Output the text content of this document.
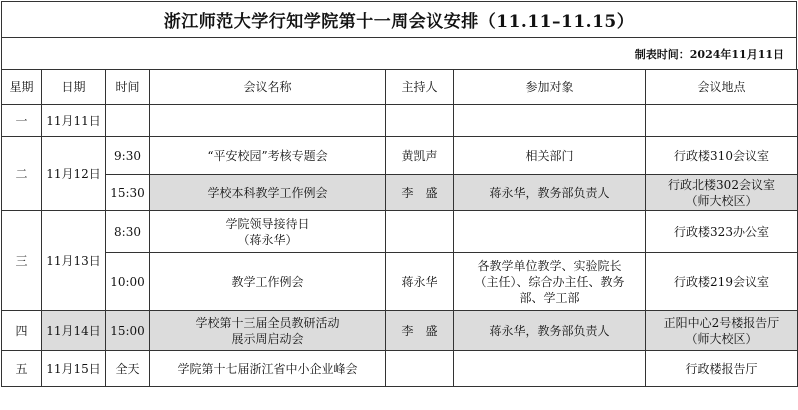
浙江师范大学行知学院第十一周会议安排（11.11–11.15）
制表时间：2024年11月11日
星期	日期	时间	会议名称	主持人	参加对象	会议地点
一	11月11日					
二	11月12日	9:30	“平安校园”考核专题会	黄凯声	相关部门	行政楼310会议室
		15:30	学校本科教学工作例会	李　盛	蒋永华，教务部负责人	行政北楼302会议室
（师大校区）
三	11月13日	8:30	学院领导接待日
（蒋永华）			行政楼323办公室
		10:00	教学工作例会	蒋永华	各教学单位教学、实验院长
（主任）、综合办主任、教务
部、学工部	行政楼219会议室
四	11月14日	15:00	学校第十三届全员教研活动
展示周启动会	李　盛	蒋永华，教务部负责人	正阳中心2号楼报告厅
（师大校区）
五	11月15日	全天	学院第十七届浙江省中小企业峰会			行政楼报告厅
